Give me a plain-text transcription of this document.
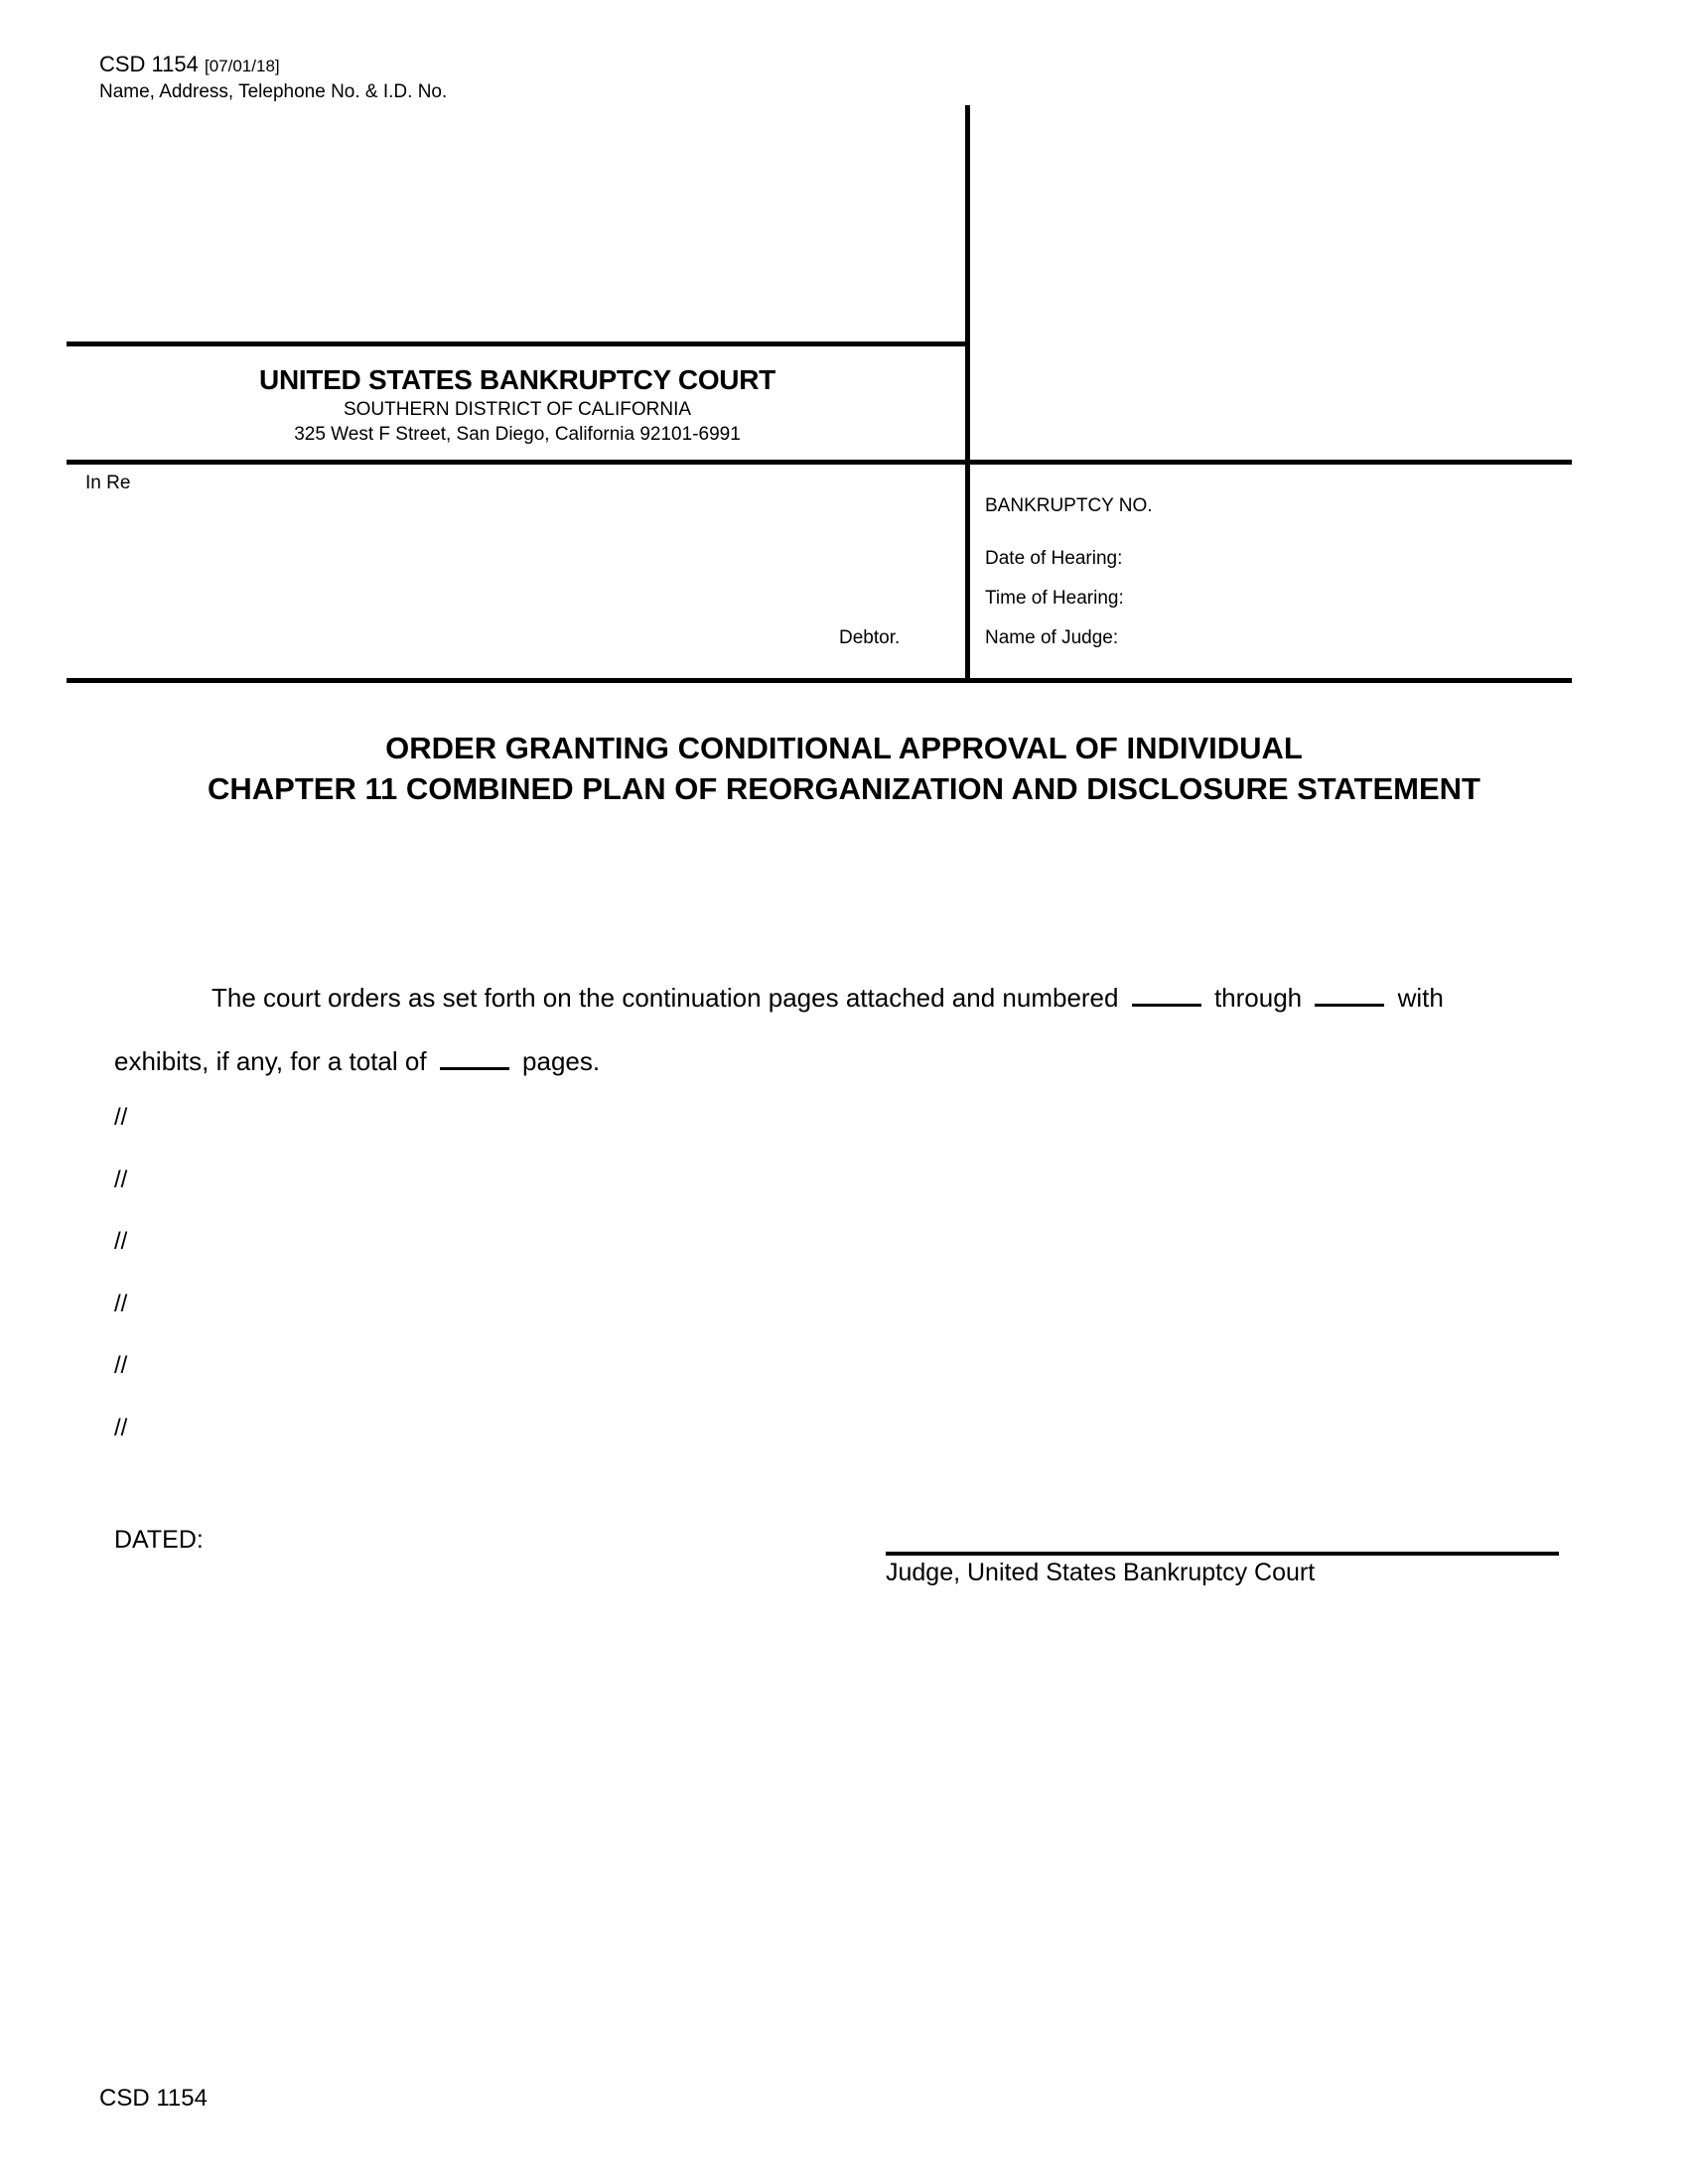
CSD 1154 [07/01/18]
Name, Address, Telephone No. & I.D. No.
UNITED STATES BANKRUPTCY COURT
SOUTHERN DISTRICT OF CALIFORNIA
325 West F Street, San Diego, California 92101-6991
In Re
Debtor.
BANKRUPTCY NO.
Date of Hearing:
Time of Hearing:
Name of Judge:
ORDER GRANTING CONDITIONAL APPROVAL OF INDIVIDUAL
CHAPTER 11 COMBINED PLAN OF REORGANIZATION AND DISCLOSURE STATEMENT
The court orders as set forth on the continuation pages attached and numbered	through	with
exhibits, if any, for a total of	pages.
//
//
//
//
//
//
DATED:
Judge, United States Bankruptcy Court
CSD 1154
